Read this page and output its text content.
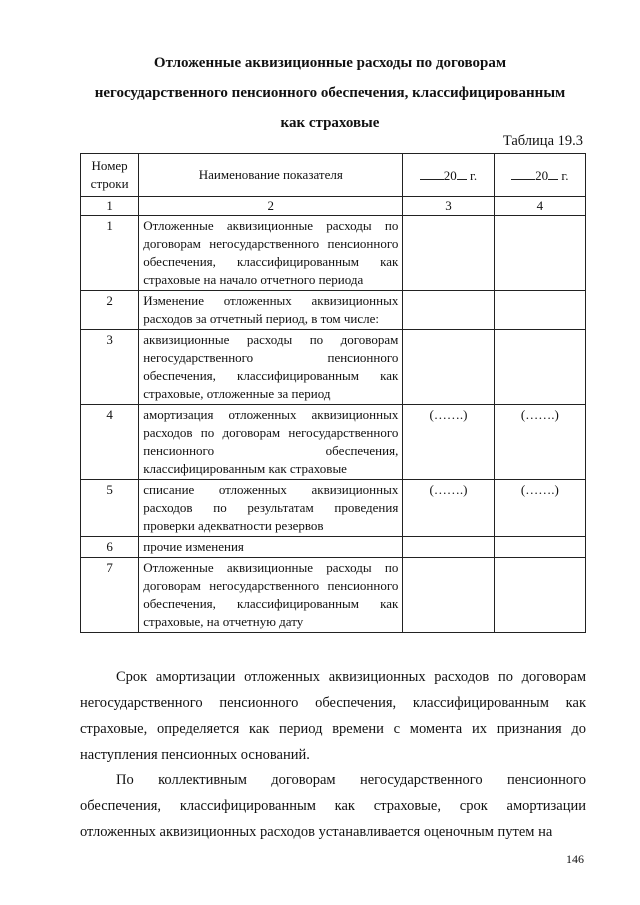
Отложенные аквизиционные расходы по договорам
негосударственного пенсионного обеспечения, классифицированным
как страховые
Таблица 19.3
Номер строки	Наименование показателя	20 г.	20 г.
1	2	3	4
1	Отложенные аквизиционные расходы по договорам негосударственного пенсионного обеспечения, классифицированным как страховые на начало отчетного периода		
2	Изменение отложенных аквизиционных расходов за отчетный период, в том числе:		
3	аквизиционные расходы по договорам негосударственного пенсионного обеспечения, классифицированным как страховые, отложенные за период		
4	амортизация отложенных аквизиционных расходов по договорам негосударственного пенсионного обеспечения, классифицированным как страховые	(…….)	(…….)
5	списание отложенных аквизиционных расходов по результатам проведения проверки адекватности резервов	(…….)	(…….)
6	прочие изменения		
7	Отложенные аквизиционные расходы по договорам негосударственного пенсионного обеспечения, классифицированным как страховые, на отчетную дату		

Срок амортизации отложенных аквизиционных расходов по договорам негосударственного пенсионного обеспечения, классифицированным как страховые, определяется как период времени с момента их признания до наступления пенсионных оснований.

По коллективным договорам негосударственного пенсионного обеспечения, классифицированным как страховые, срок амортизации отложенных аквизиционных расходов устанавливается оценочным путем на

146
